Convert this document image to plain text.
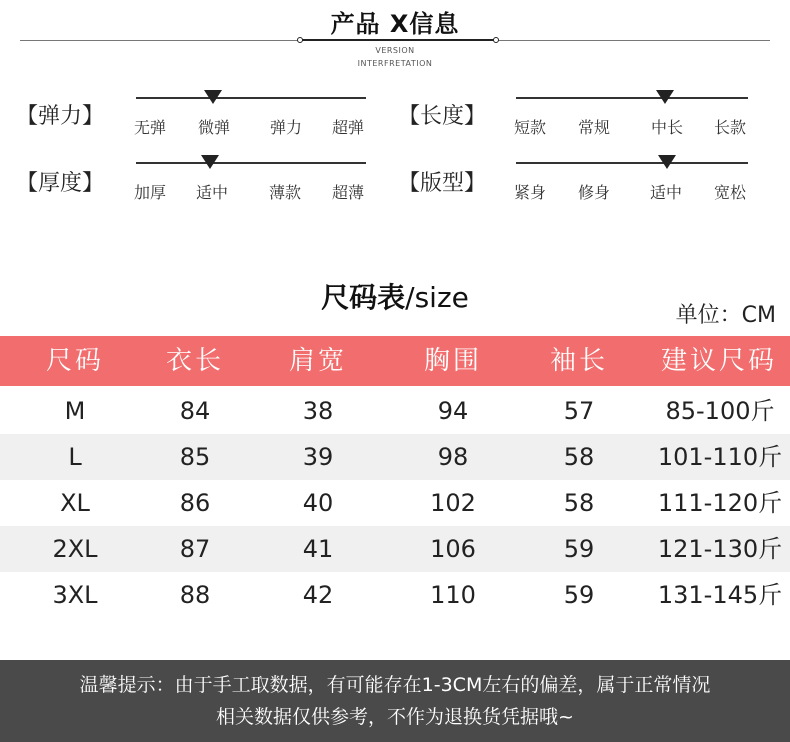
产品 X信息
VERSION
INTERFRETATION
【弹力】 无弹 微弹 弹力 超弹 【长度】 短款 常规	中长 长款
【厚度】 加厚 适中	薄款 超薄 【版型】 紧身 修身 适中 宽松
尺码表/size
单位：CM
尺码	衣长	肩宽	胸围	袖长	建议尺码
M	84	38	94	57	85-100斤
L	85	39	98	58	101-110斤
XL	86	40	102	58	111-120斤
2XL	87	41	106	59	121-130斤
3XL	88	42	110	59	131-145斤
温馨提示：由于手工取数据，有可能存在1-3CM左右的偏差，属于正常情况
相关数据仅供参考，不作为退换货凭据哦~
